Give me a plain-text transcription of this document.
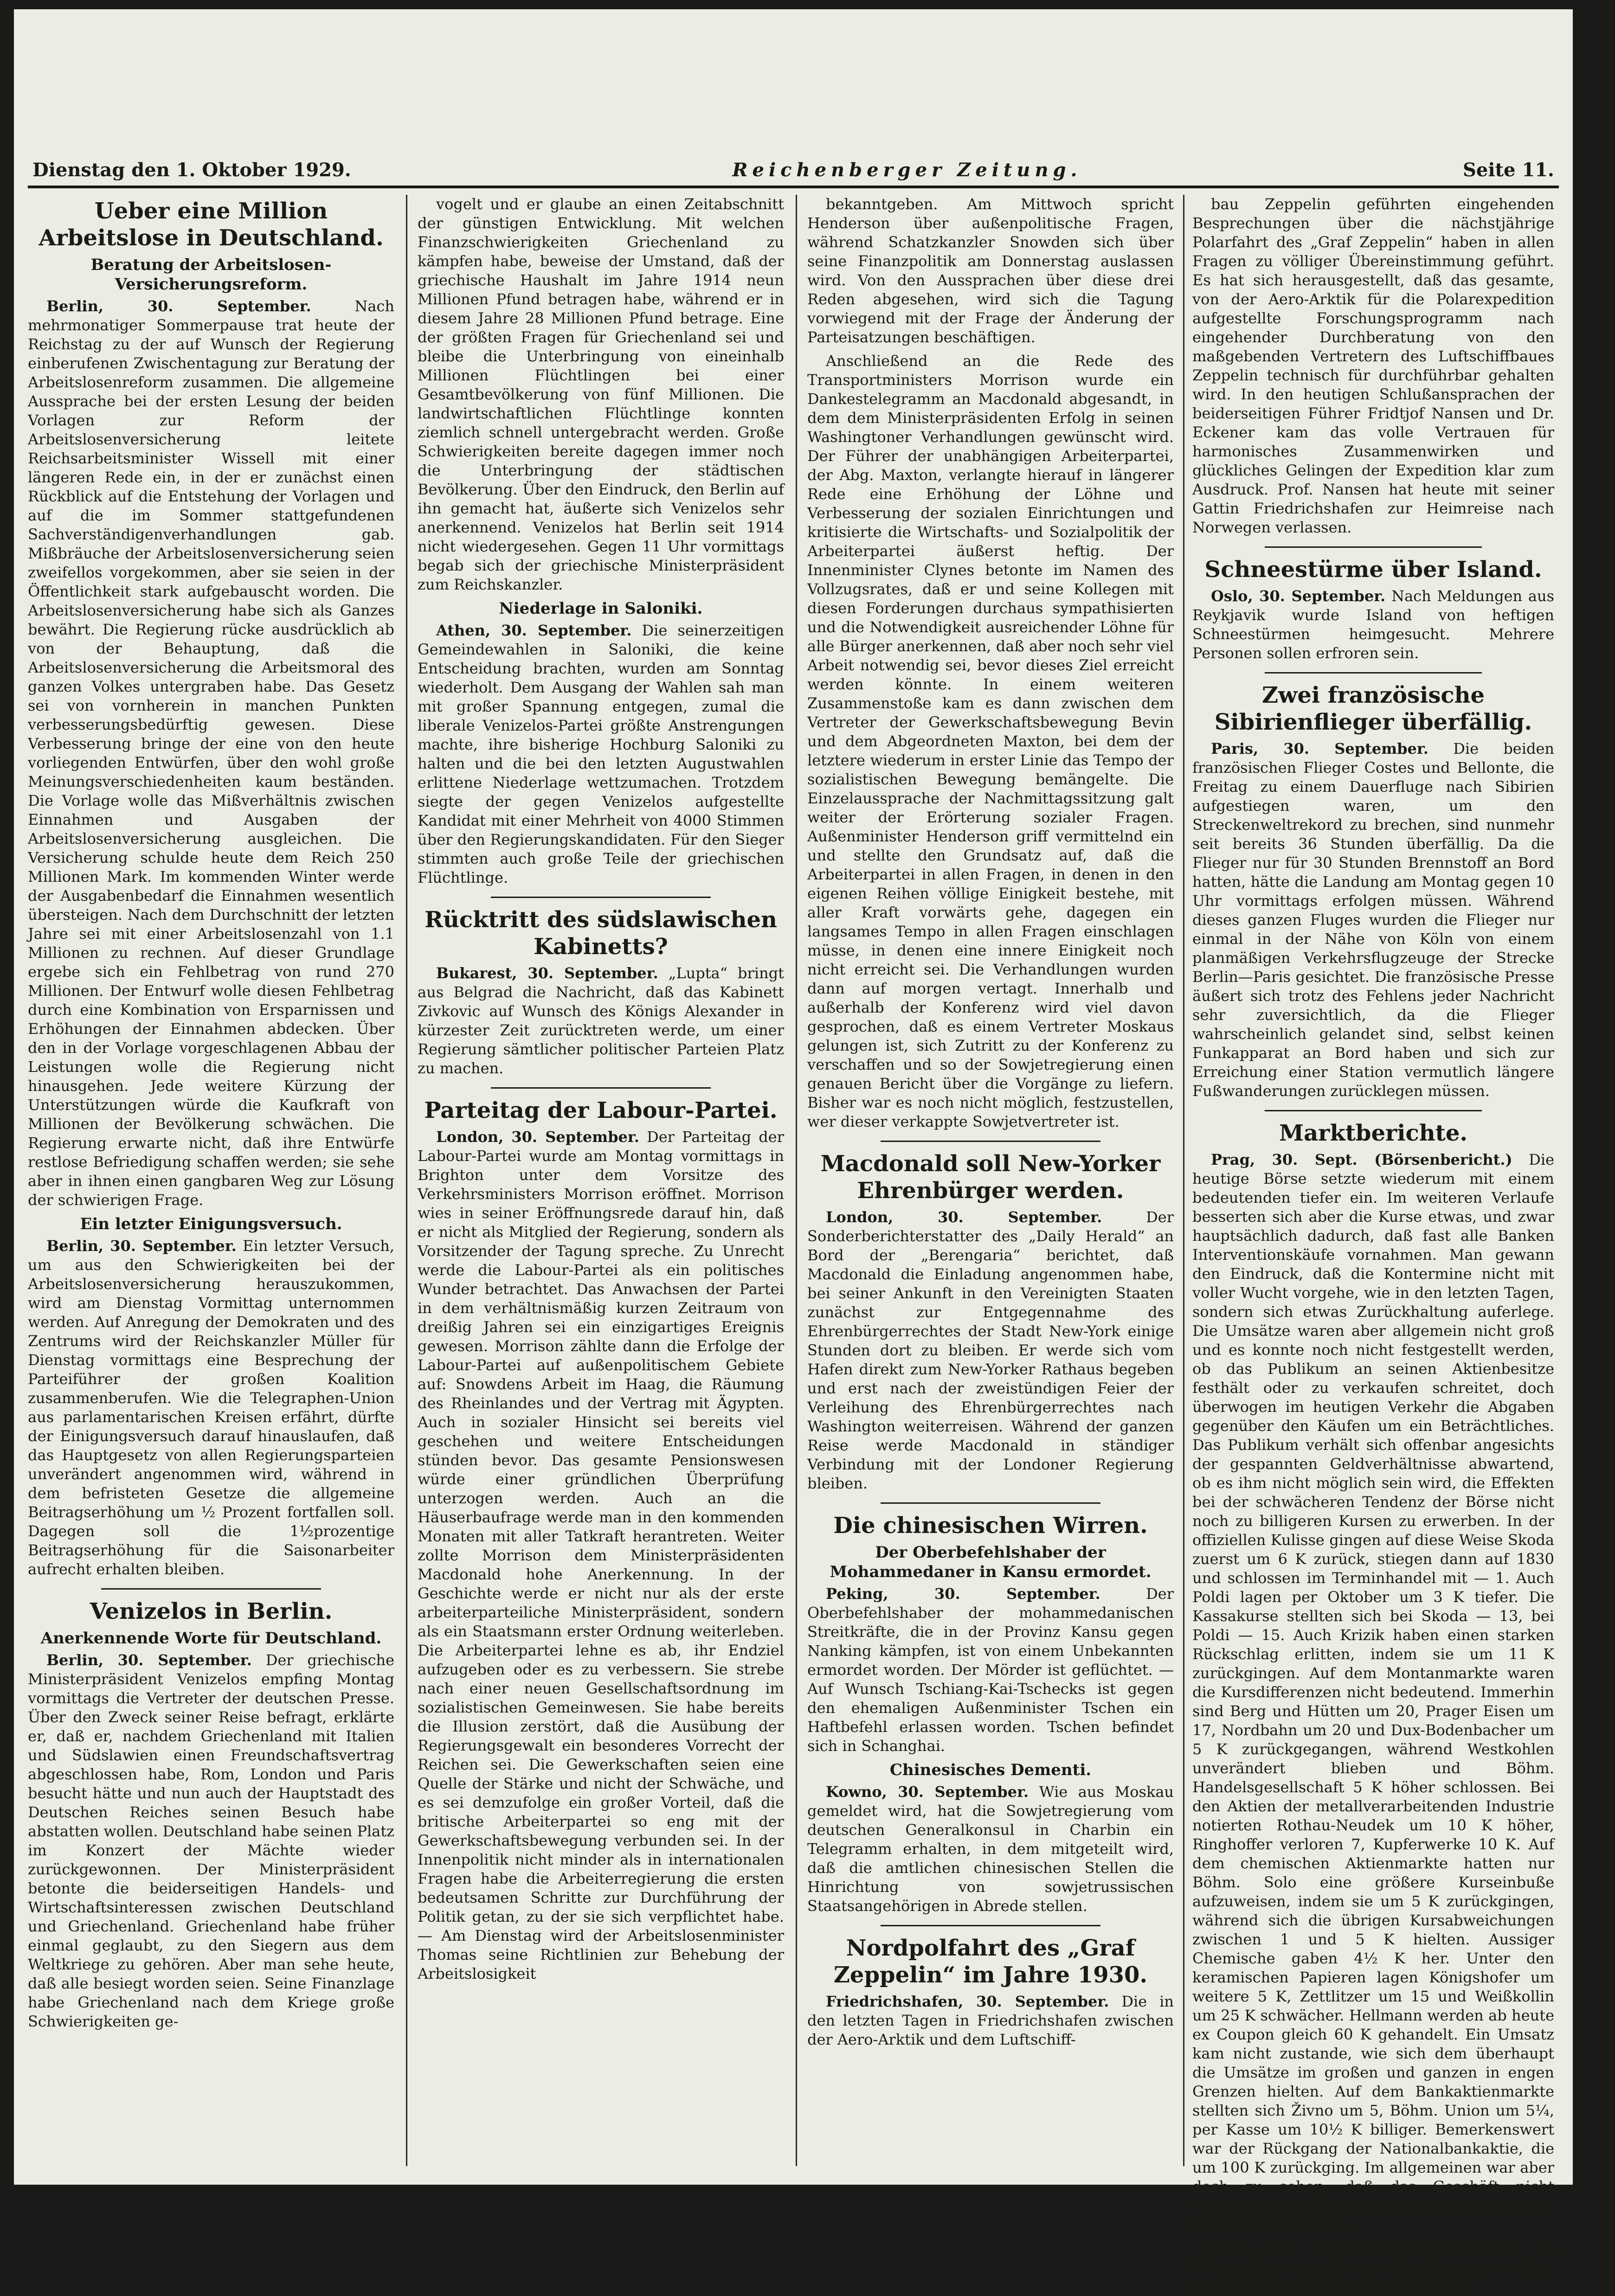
Dienstag den 1. Oktober 1929.	Reichenberger Zeitung.	Seite 11.
Ueber eine Million Arbeitslose in Deutschland.
Beratung der Arbeitslosen-Versicherungsreform.

Berlin, 30. September.	Nach mehrmonatiger Sommerpause trat heute der Reichstag zu der auf Wunsch der Regierung einberufenen Zwischentagung zur Beratung der Arbeitslosenreform zusammen. Die allgemeine Aussprache bei der ersten Lesung der beiden Vorlagen zur Reform der Arbeitslosenversicherung leitete Reichsarbeitsminister Wissell mit einer längeren Rede ein, in der er zunächst einen Rückblick auf die Entstehung der Vorlagen und auf die im Sommer stattgefundenen Sachverständigenverhandlungen gab. Mißbräuche der Arbeitslosenversicherung seien zweifellos vorgekommen, aber sie seien in der Öffentlichkeit stark aufgebauscht worden. Die Arbeitslosenversicherung habe sich als Ganzes bewährt. Die Regierung rücke ausdrücklich ab von der Behauptung, daß die Arbeitslosenversicherung die Arbeitsmoral des ganzen Volkes untergraben habe. Das Gesetz sei von vornherein in manchen Punkten verbesserungsbedürftig gewesen. Diese Verbesserung bringe der eine von den heute vorliegenden Entwürfen, über den wohl große Meinungsverschiedenheiten kaum beständen. Die Vorlage wolle das Mißverhältnis zwischen Einnahmen und Ausgaben der Arbeitslosenversicherung ausgleichen. Die Versicherung schulde heute dem Reich 250 Millionen Mark. Im kommenden Winter werde der Ausgabenbedarf die Einnahmen wesentlich übersteigen. Nach dem Durchschnitt der letzten Jahre sei mit einer Arbeitslosenzahl von 1.1 Millionen zu rechnen. Auf dieser Grundlage ergebe sich ein Fehlbetrag von rund 270 Millionen. Der Entwurf wolle diesen Fehlbetrag durch eine Kombination von Ersparnissen und Erhöhungen der Einnahmen abdecken. Über den in der Vorlage vorgeschlagenen Abbau der Leistungen wolle die Regierung nicht hinausgehen. Jede weitere Kürzung der Unterstützungen würde die Kaufkraft von Millionen der Bevölkerung schwächen. Die Regierung erwarte nicht, daß ihre Entwürfe restlose Befriedigung schaffen werden; sie sehe aber in ihnen einen gangbaren Weg zur Lösung der schwierigen Frage.

Ein letzter Einigungsversuch.

Berlin, 30. September. Ein letzter Versuch, um aus den Schwierigkeiten bei der Arbeitslosenversicherung herauszukommen, wird am Dienstag Vormittag unternommen werden. Auf Anregung der Demokraten und des Zentrums wird der Reichskanzler Müller für Dienstag vormittags eine Besprechung der Parteiführer der großen Koalition zusammenberufen. Wie die Telegraphen-Union aus parlamentarischen Kreisen erfährt, dürfte der Einigungsversuch darauf hinauslaufen, daß das Hauptgesetz von allen Regierungsparteien unverändert angenommen wird, während in dem befristeten Gesetze die allgemeine Beitragserhöhung um ½ Prozent fortfallen soll. Dagegen soll die 1½prozentige Beitragserhöhung für die Saisonarbeiter aufrecht erhalten bleiben.

Venizelos in Berlin.
Anerkennende Worte für Deutschland.

Berlin, 30. September. Der griechische Ministerpräsident Venizelos empfing Montag vormittags die Vertreter der deutschen Presse. Über den Zweck seiner Reise befragt, erklärte er, daß er, nachdem Griechenland mit Italien und Südslawien einen Freundschaftsvertrag abgeschlossen habe, Rom, London und Paris besucht hätte und nun auch der Hauptstadt des Deutschen Reiches seinen Besuch habe abstatten wollen. Deutschland habe seinen Platz im Konzert der Mächte wieder zurückgewonnen. Der Ministerpräsident betonte die beiderseitigen Handels- und Wirtschaftsinteressen zwischen Deutschland und Griechenland. Griechenland habe früher einmal geglaubt, zu den Siegern aus dem Weltkriege zu gehören. Aber man sehe heute, daß alle besiegt worden seien. Seine Finanzlage habe Griechenland nach dem Kriege große Schwierigkeiten ge-

vogelt und er glaube an einen Zeitabschnitt der günstigen Entwicklung. Mit welchen Finanzschwierigkeiten Griechenland zu kämpfen habe, beweise der Umstand, daß der griechische Haushalt im Jahre 1914 neun Millionen Pfund betragen habe, während er in diesem Jahre 28 Millionen Pfund betrage. Eine der größten Fragen für Griechenland sei und bleibe die Unterbringung von eineinhalb Millionen Flüchtlingen bei einer Gesamtbevölkerung von fünf Millionen. Die landwirtschaftlichen Flüchtlinge konnten ziemlich schnell untergebracht werden. Große Schwierigkeiten bereite dagegen immer noch die Unterbringung der städtischen Bevölkerung. Über den Eindruck, den Berlin auf ihn gemacht hat, äußerte sich Venizelos sehr anerkennend. Venizelos hat Berlin seit 1914 nicht wiedergesehen. Gegen 11 Uhr vormittags begab sich der griechische Ministerpräsident zum Reichskanzler.

Niederlage in Saloniki.

Athen, 30. September. Die seinerzeitigen Gemeindewahlen in Saloniki, die keine Entscheidung brachten, wurden am Sonntag wiederholt. Dem Ausgang der Wahlen sah man mit großer Spannung entgegen, zumal die liberale Venizelos-Partei größte Anstrengungen machte, ihre bisherige Hochburg Saloniki zu halten und die bei den letzten Augustwahlen erlittene Niederlage wettzumachen. Trotzdem siegte der gegen Venizelos aufgestellte Kandidat mit einer Mehrheit von 4000 Stimmen über den Regierungskandidaten. Für den Sieger stimmten auch große Teile der griechischen Flüchtlinge.

Rücktritt des südslawischen Kabinetts?

Bukarest, 30. September. „Lupta“ bringt aus Belgrad die Nachricht, daß das Kabinett Zivkovic auf Wunsch des Königs Alexander in kürzester Zeit zurücktreten werde, um einer Regierung sämtlicher politischer Parteien Platz zu machen.

Parteitag der Labour-Partei.

London, 30. September. Der Parteitag der Labour-Partei wurde am Montag vormittags in Brighton unter dem Vorsitze des Verkehrsministers Morrison eröffnet. Morrison wies in seiner Eröffnungsrede darauf hin, daß er nicht als Mitglied der Regierung, sondern als Vorsitzender der Tagung spreche. Zu Unrecht werde die Labour-Partei als ein politisches Wunder betrachtet. Das Anwachsen der Partei in dem verhältnismäßig kurzen Zeitraum von dreißig Jahren sei ein einzigartiges Ereignis gewesen. Morrison zählte dann die Erfolge der Labour-Partei auf außenpolitischem Gebiete auf: Snowdens Arbeit im Haag, die Räumung des Rheinlandes und der Vertrag mit Ägypten. Auch in sozialer Hinsicht sei bereits viel geschehen und weitere Entscheidungen stünden bevor. Das gesamte Pensionswesen würde einer gründlichen Überprüfung unterzogen werden. Auch an die Häuserbaufrage werde man in den kommenden Monaten mit aller Tatkraft herantreten. Weiter zollte Morrison dem Ministerpräsidenten Macdonald hohe Anerkennung. In der Geschichte werde er nicht nur als der erste arbeiterparteiliche Ministerpräsident, sondern als ein Staatsmann erster Ordnung weiterleben. Die Arbeiterpartei lehne es ab, ihr Endziel aufzugeben oder es zu verbessern. Sie strebe nach einer neuen Gesellschaftsordnung im sozialistischen Gemeinwesen. Sie habe bereits die Illusion zerstört, daß die Ausübung der Regierungsgewalt ein besonderes Vorrecht der Reichen sei. Die Gewerkschaften seien eine Quelle der Stärke und nicht der Schwäche, und es sei demzufolge ein großer Vorteil, daß die britische Arbeiterpartei so eng mit der Gewerkschaftsbewegung verbunden sei. In der Innenpolitik nicht minder als in internationalen Fragen habe die Arbeiterregierung die ersten bedeutsamen Schritte zur Durchführung der Politik getan, zu der sie sich verpflichtet habe. — Am Dienstag wird der Arbeitslosenminister Thomas seine Richtlinien zur Behebung der Arbeitslosigkeit

bekanntgeben. Am Mittwoch spricht Henderson über außenpolitische Fragen, während Schatzkanzler Snowden sich über seine Finanzpolitik am Donnerstag auslassen wird. Von den Aussprachen über diese drei Reden abgesehen, wird sich die Tagung vorwiegend mit der Frage der Änderung der Parteisatzungen beschäftigen.

Anschließend an die Rede des Transportministers Morrison wurde ein Dankestelegramm an Macdonald abgesandt, in dem dem Ministerpräsidenten Erfolg in seinen Washingtoner Verhandlungen gewünscht wird. Der Führer der unabhängigen Arbeiterpartei, der Abg. Maxton, verlangte hierauf in längerer Rede eine Erhöhung der Löhne und Verbesserung der sozialen Einrichtungen und kritisierte die Wirtschafts- und Sozialpolitik der Arbeiterpartei äußerst heftig. Der Innenminister Clynes betonte im Namen des Vollzugsrates, daß er und seine Kollegen mit diesen Forderungen durchaus sympathisierten und die Notwendigkeit ausreichender Löhne für alle Bürger anerkennen, daß aber noch sehr viel Arbeit notwendig sei, bevor dieses Ziel erreicht werden könnte. In einem weiteren Zusammenstoße kam es dann zwischen dem Vertreter der Gewerkschaftsbewegung Bevin und dem Abgeordneten Maxton, bei dem der letztere wiederum in erster Linie das Tempo der sozialistischen Bewegung bemängelte. Die Einzelaussprache der Nachmittagssitzung galt weiter der Erörterung sozialer Fragen. Außenminister Henderson griff vermittelnd ein und stellte den Grundsatz auf, daß die Arbeiterpartei in allen Fragen, in denen in den eigenen Reihen völlige Einigkeit bestehe, mit aller Kraft vorwärts gehe, dagegen ein langsames Tempo in allen Fragen einschlagen müsse, in denen eine innere Einigkeit noch nicht erreicht sei. Die Verhandlungen wurden dann auf morgen vertagt. Innerhalb und außerhalb der Konferenz wird viel davon gesprochen, daß es einem Vertreter Moskaus gelungen ist, sich Zutritt zu der Konferenz zu verschaffen und so der Sowjetregierung einen genauen Bericht über die Vorgänge zu liefern. Bisher war es noch nicht möglich, festzustellen, wer dieser verkappte Sowjetvertreter ist.

Macdonald soll New-Yorker Ehrenbürger werden.

London, 30. September.	Der Sonderberichterstatter des „Daily Herald“ an Bord der „Berengaria“ berichtet, daß Macdonald die Einladung angenommen habe, bei seiner Ankunft in den Vereinigten Staaten zunächst zur Entgegennahme des Ehrenbürgerrechtes der Stadt New-York einige Stunden dort zu bleiben. Er werde sich vom Hafen direkt zum New-Yorker Rathaus begeben und erst nach der zweistündigen Feier der Verleihung des Ehrenbürgerrechtes nach Washington weiterreisen. Während der ganzen Reise werde Macdonald in ständiger Verbindung mit der Londoner Regierung bleiben.

Die chinesischen Wirren.
Der Oberbefehlshaber der Mohammedaner in Kansu ermordet.

Peking, 30. September.	Der Oberbefehlshaber der mohammedanischen Streitkräfte, die in der Provinz Kansu gegen Nanking kämpfen, ist von einem Unbekannten ermordet worden. Der Mörder ist geflüchtet. — Auf Wunsch Tschiang-Kai-Tschecks ist gegen den ehemaligen Außenminister Tschen ein Haftbefehl erlassen worden. Tschen befindet sich in Schanghai.

Chinesisches Dementi.

Kowno, 30. September. Wie aus Moskau gemeldet wird, hat die Sowjetregierung vom deutschen Generalkonsul in Charbin ein Telegramm erhalten, in dem mitgeteilt wird, daß die amtlichen chinesischen Stellen die Hinrichtung von sowjetrussischen Staatsangehörigen in Abrede stellen.

Nordpolfahrt des „Graf Zeppelin“ im Jahre 1930.

Friedrichshafen, 30. September. Die in den letzten Tagen in Friedrichshafen zwischen der Aero-Arktik und dem Luftschiff-

bau Zeppelin geführten eingehenden Besprechungen über die nächstjährige Polarfahrt des „Graf Zeppelin“ haben in allen Fragen zu völliger Übereinstimmung geführt. Es hat sich herausgestellt, daß das gesamte, von der Aero-Arktik für die Polarexpedition aufgestellte Forschungsprogramm nach eingehender Durchberatung von den maßgebenden Vertretern des Luftschiffbaues Zeppelin technisch für durchführbar gehalten wird. In den heutigen Schlußansprachen der beiderseitigen Führer Fridtjof Nansen und Dr. Eckener kam das volle Vertrauen für harmonisches Zusammenwirken und glückliches Gelingen der Expedition klar zum Ausdruck. Prof. Nansen hat heute mit seiner Gattin Friedrichshafen zur Heimreise nach Norwegen verlassen.

Schneestürme über Island.

Oslo, 30. September. Nach Meldungen aus Reykjavik wurde Island von heftigen Schneestürmen heimgesucht. Mehrere Personen sollen erfroren sein.

Zwei französische Sibirienflieger überfällig.

Paris, 30. September. Die beiden französischen Flieger Costes und Bellonte, die Freitag zu einem Dauerfluge nach Sibirien aufgestiegen waren, um den Streckenweltrekord zu brechen, sind nunmehr seit bereits 36 Stunden überfällig. Da die Flieger nur für 30 Stunden Brennstoff an Bord hatten, hätte die Landung am Montag gegen 10 Uhr vormittags erfolgen müssen. Während dieses ganzen Fluges wurden die Flieger nur einmal in der Nähe von Köln von einem planmäßigen Verkehrsflugzeuge der Strecke Berlin—Paris gesichtet. Die französische Presse äußert sich trotz des Fehlens jeder Nachricht sehr zuversichtlich, da die Flieger wahrscheinlich gelandet sind, selbst keinen Funkapparat an Bord haben und sich zur Erreichung einer Station vermutlich längere Fußwanderungen zurücklegen müssen.

Marktberichte.

Prag, 30. Sept. (Börsenbericht.) Die heutige Börse setzte wiederum mit einem bedeutenden tiefer ein. Im weiteren Verlaufe besserten sich aber die Kurse etwas, und zwar hauptsächlich dadurch, daß fast alle Banken Interventionskäufe vornahmen. Man gewann den Eindruck, daß die Kontermine nicht mit voller Wucht vorgehe, wie in den letzten Tagen, sondern sich etwas Zurückhaltung auferlege. Die Umsätze waren aber allgemein nicht groß und es konnte noch nicht festgestellt werden, ob das Publikum an seinen Aktienbesitze festhält oder zu verkaufen schreitet, doch überwogen im heutigen Verkehr die Abgaben gegenüber den Käufen um ein Beträchtliches. Das Publikum verhält sich offenbar angesichts der gespannten Geldverhältnisse abwartend, ob es ihm nicht möglich sein wird, die Effekten bei der schwächeren Tendenz der Börse nicht noch zu billigeren Kursen zu erwerben. In der offiziellen Kulisse gingen auf diese Weise Skoda zuerst um 6 K zurück, stiegen dann auf 1830 und schlossen im Terminhandel mit — 1. Auch Poldi lagen per Oktober um 3 K tiefer. Die Kassakurse stellten sich bei Skoda — 13, bei Poldi — 15. Auch Krizik haben einen starken Rückschlag erlitten, indem sie um 11 K zurückgingen. Auf dem Montanmarkte waren die Kursdifferenzen nicht bedeutend. Immerhin sind Berg und Hütten um 20, Prager Eisen um 17, Nordbahn um 20 und Dux-Bodenbacher um 5 K zurückgegangen, während Westkohlen unverändert blieben und Böhm. Handelsgesellschaft 5 K höher schlossen. Bei den Aktien der metallverarbeitenden Industrie notierten Rothau-Neudek um 10 K höher, Ringhoffer verloren 7, Kupferwerke 10 K. Auf dem chemischen Aktienmarkte hatten nur Böhm. Solo eine größere Kurseinbuße aufzuweisen, indem sie um 5 K zurückgingen, während sich die übrigen Kursabweichungen zwischen 1 und 5 K hielten. Aussiger Chemische gaben 4½ K her. Unter den keramischen Papieren lagen Königshofer um weitere 5 K, Zettlitzer um 15 und Weißkollin um 25 K schwächer. Hellmann werden ab heute ex Coupon gleich 60 K gehandelt. Ein Umsatz kam nicht zustande, wie sich dem überhaupt die Umsätze im großen und ganzen in engen Grenzen hielten. Auf dem Bankaktienmarkte stellten sich Živno um 5, Böhm. Union um 5¼, per Kasse um 10½ K billiger. Bemerkenswert war der Rückgang der Nationalbankaktie, die um 100 K zurückging. Im allgemeinen war aber doch zu sehen, daß das Geschäft nicht wesentlich zunahm. Auf dem Anlagemarkte war sehr wenig Geschäft.

Prag, 30. September. (Nachbörse.) Im Nachmittagsverkehr war das Interesse weiter sehr gering. In den hiesigen Kreisen
